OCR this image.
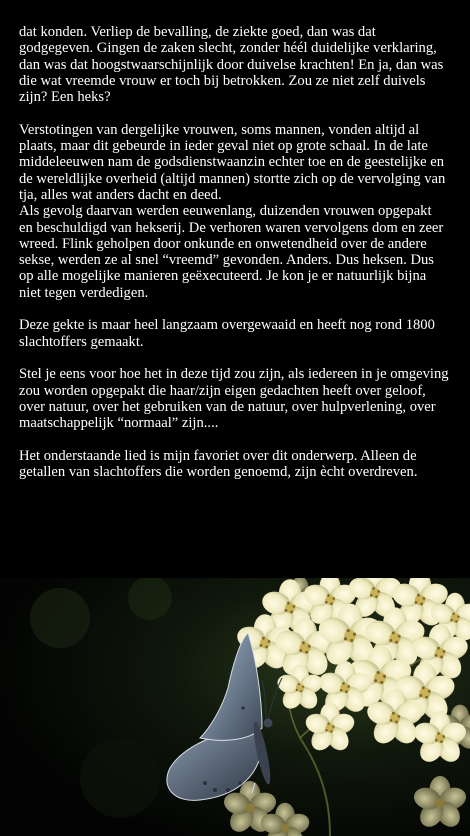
dat konden. Verliep de bevalling, de ziekte goed, dan was dat
godgegeven. Gingen de zaken slecht, zonder héél duidelijke verklaring,
dan was dat hoogstwaarschijnlijk door duivelse krachten! En ja, dan was
die wat vreemde vrouw er toch bij betrokken. Zou ze niet zelf duivels
zijn? Een heks?
Verstotingen van dergelijke vrouwen, soms mannen, vonden altijd al
plaats, maar dit gebeurde in ieder geval niet op grote schaal. In de late
middeleeuwen nam de godsdienstwaanzin echter toe en de geestelijke en
de wereldlijke overheid (altijd mannen) stortte zich op de vervolging van
tja, alles wat anders dacht en deed.
Als gevolg daarvan werden eeuwenlang, duizenden vrouwen opgepakt
en beschuldigd van hekserij. De verhoren waren vervolgens dom en zeer
wreed. Flink geholpen door onkunde en onwetendheid over de andere
sekse, werden ze al snel “vreemd” gevonden. Anders. Dus heksen. Dus
op alle mogelijke manieren geëxecuteerd. Je kon je er natuurlijk bijna
niet tegen verdedigen.
Deze gekte is maar heel langzaam overgewaaid en heeft nog rond 1800
slachtoffers gemaakt.
Stel je eens voor hoe het in deze tijd zou zijn, als iedereen in je omgeving
zou worden opgepakt die haar/zijn eigen gedachten heeft over geloof,
over natuur, over het gebruiken van de natuur, over hulpverlening, over
maatschappelijk “normaal” zijn....
Het onderstaande lied is mijn favoriet over dit onderwerp. Alleen de
getallen van slachtoffers die worden genoemd, zijn ècht overdreven.
